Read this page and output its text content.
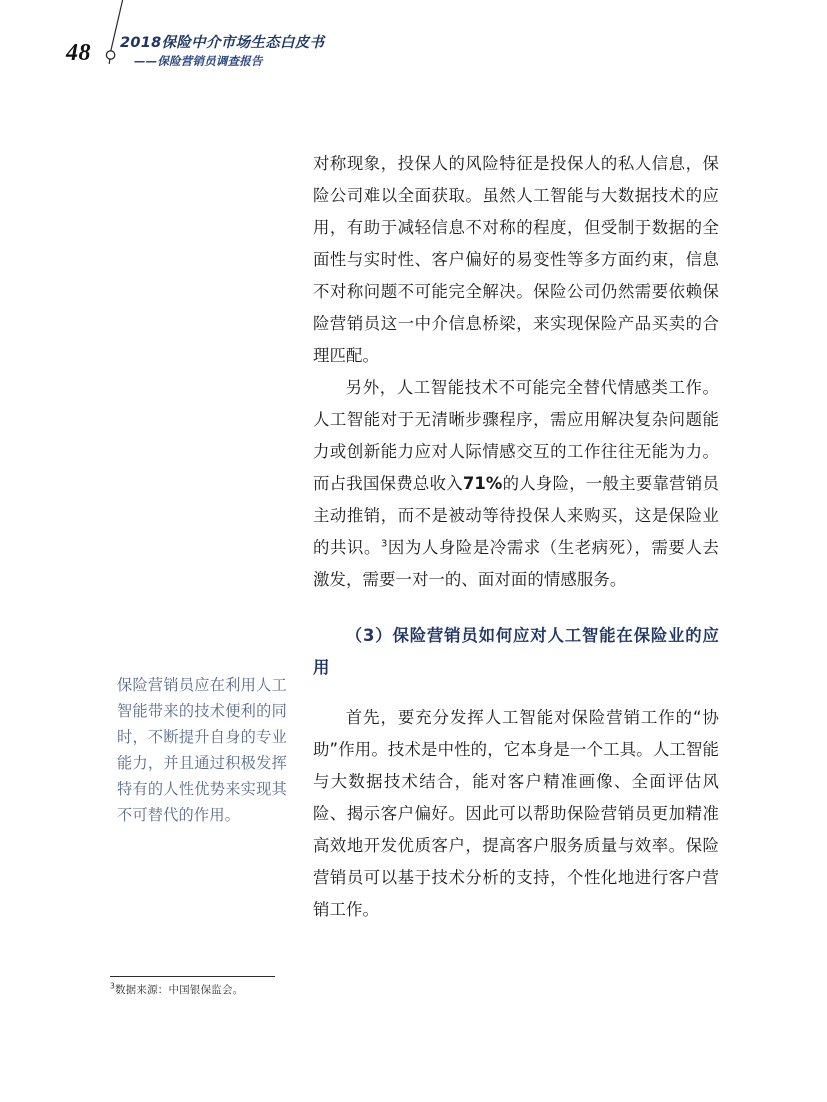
48 2018保险中介市场生态白皮书
——保险营销员调查报告

对称现象，投保人的风险特征是投保人的私人信息，保险公司难以全面获取。虽然人工智能与大数据技术的应用，有助于减轻信息不对称的程度，但受制于数据的全面性与实时性、客户偏好的易变性等多方面约束，信息不对称问题不可能完全解决。保险公司仍然需要依赖保险营销员这一中介信息桥梁，来实现保险产品买卖的合理匹配。

另外，人工智能技术不可能完全替代情感类工作。人工智能对于无清晰步骤程序，需应用解决复杂问题能力或创新能力应对人际情感交互的工作往往无能为力。而占我国保费总收入71%的人身险，一般主要靠营销员主动推销，而不是被动等待投保人来购买，这是保险业的共识。$^3$因为人身险是冷需求（生老病死），需要人去激发，需要一对一的、面对面的情感服务。

（3）保险营销员如何应对人工智能在保险业的应用

首先，要充分发挥人工智能对保险营销工作的“协助”作用。技术是中性的，它本身是一个工具。人工智能与大数据技术结合，能对客户精准画像、全面评估风险、揭示客户偏好。因此可以帮助保险营销员更加精准高效地开发优质客户，提高客户服务质量与效率。保险营销员可以基于技术分析的支持，个性化地进行客户营销工作。

保险营销员应在利用人工智能带来的技术便利的同时，不断提升自身的专业能力，并且通过积极发挥特有的人性优势来实现其不可替代的作用。
$^3$数据来源：中国银保监会。
